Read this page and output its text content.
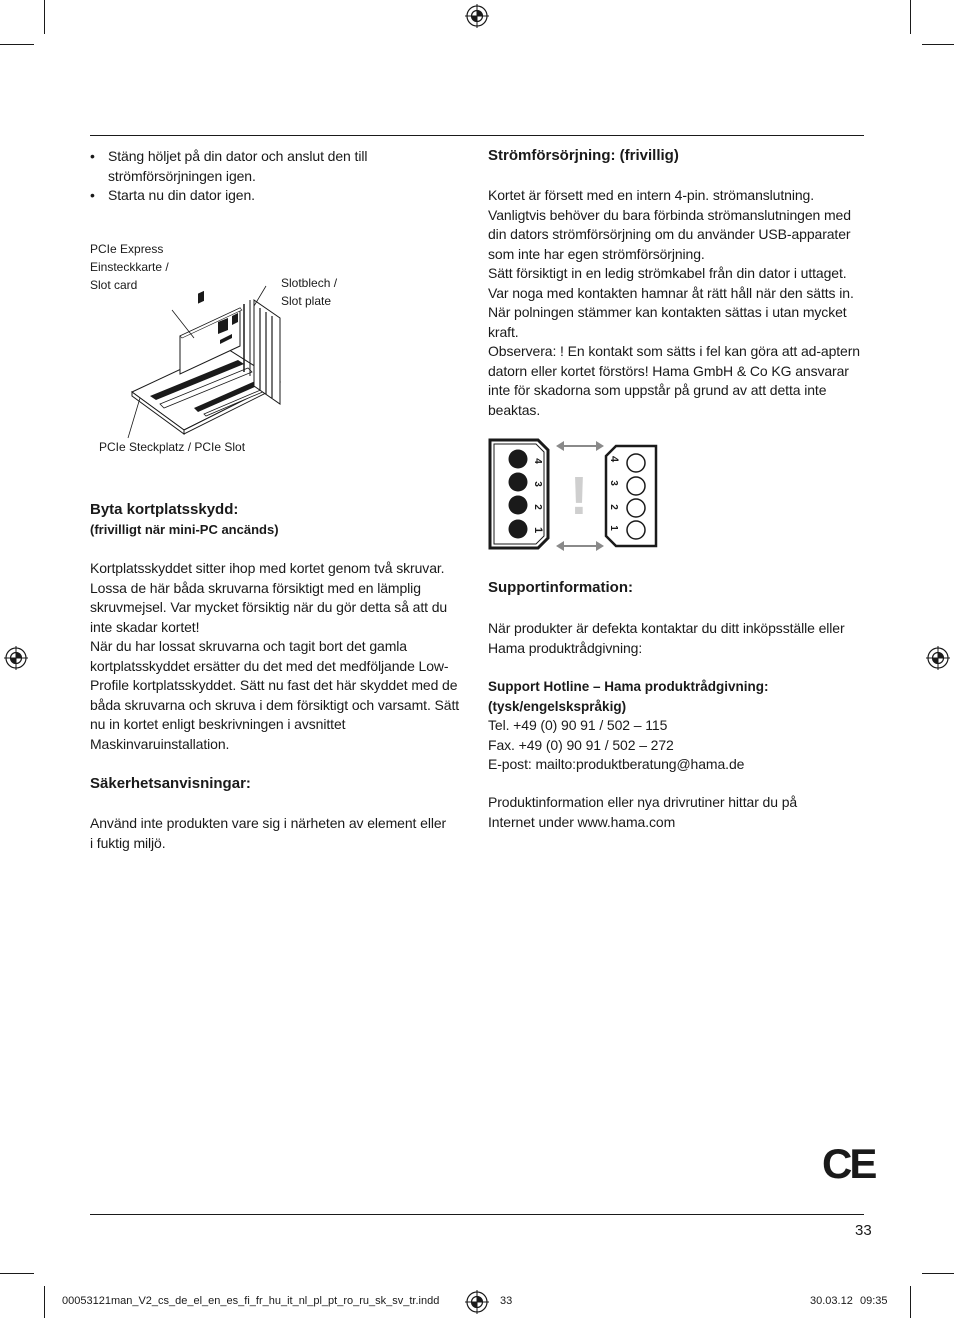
• Stäng höljet på din dator och anslut den till strömförsörjningen igen.
• Starta nu din dator igen.
PCIe Express
Einsteckkarte /
Slot card	Slotblech /
Slot plate
PCIe Steckplatz / PCIe Slot
Byta kortplatsskydd:
(frivilligt när mini-PC ancänds)

Kortplatsskyddet sitter ihop med kortet genom två skruvar. Lossa de här båda skruvarna försiktigt med en lämplig skruvmejsel. Var mycket försiktig när du gör detta så att du inte skadar kortet!

När du har lossat skruvarna och tagit bort det gamla kortplatsskyddet ersätter du det med det medföljande Low-Profile kortplatsskyddet. Sätt nu fast det här skyddet med de båda skruvarna och skruva i dem försiktigt och varsamt. Sätt nu in kortet enligt beskrivningen i avsnittet Maskinvaruinstallation.

Säkerhetsanvisningar:
Använd inte produkten vare sig i närheten av element eller i fuktig miljö.
Strömförsörjning: (frivillig)

Kortet är försett med en intern 4-pin. strömanslutning. Vanligtvis behöver du bara förbinda strömanslutningen med din dators strömförsörjning om du använder USB-apparater som inte har egen strömförsörjning.

Sätt försiktigt in en ledig strömkabel från din dator i uttaget. Var noga med kontakten hamnar åt rätt håll när den sätts in. När polningen stämmer kan kontakten sättas i utan mycket kraft.

Observera: ! En kontakt som sätts i fel kan göra att ad-aptern datorn eller kortet förstörs! Hama GmbH & Co KG ansvarar inte för skadorna som uppstår på grund av att detta inte beaktas.

4
3
2
1
!
4
3
2
1
Supportinformation:
När produkter är defekta kontaktar du ditt inköpsställe eller Hama produktrådgivning:
Support Hotline – Hama produktrådgivning: (tysk/engelskspråkig)
Tel. +49 (0) 90 91 / 502 – 115
Fax. +49 (0) 90 91 / 502 – 272
E-post: mailto:produktberatung@hama.de
Produktinformation eller nya drivrutiner hittar du på Internet under www.hama.com
CE
33
00053121man_V2_cs_de_el_en_es_fi_fr_hu_it_nl_pl_pt_ro_ru_sk_sv_tr.indd	33	30.03.12 09:35
